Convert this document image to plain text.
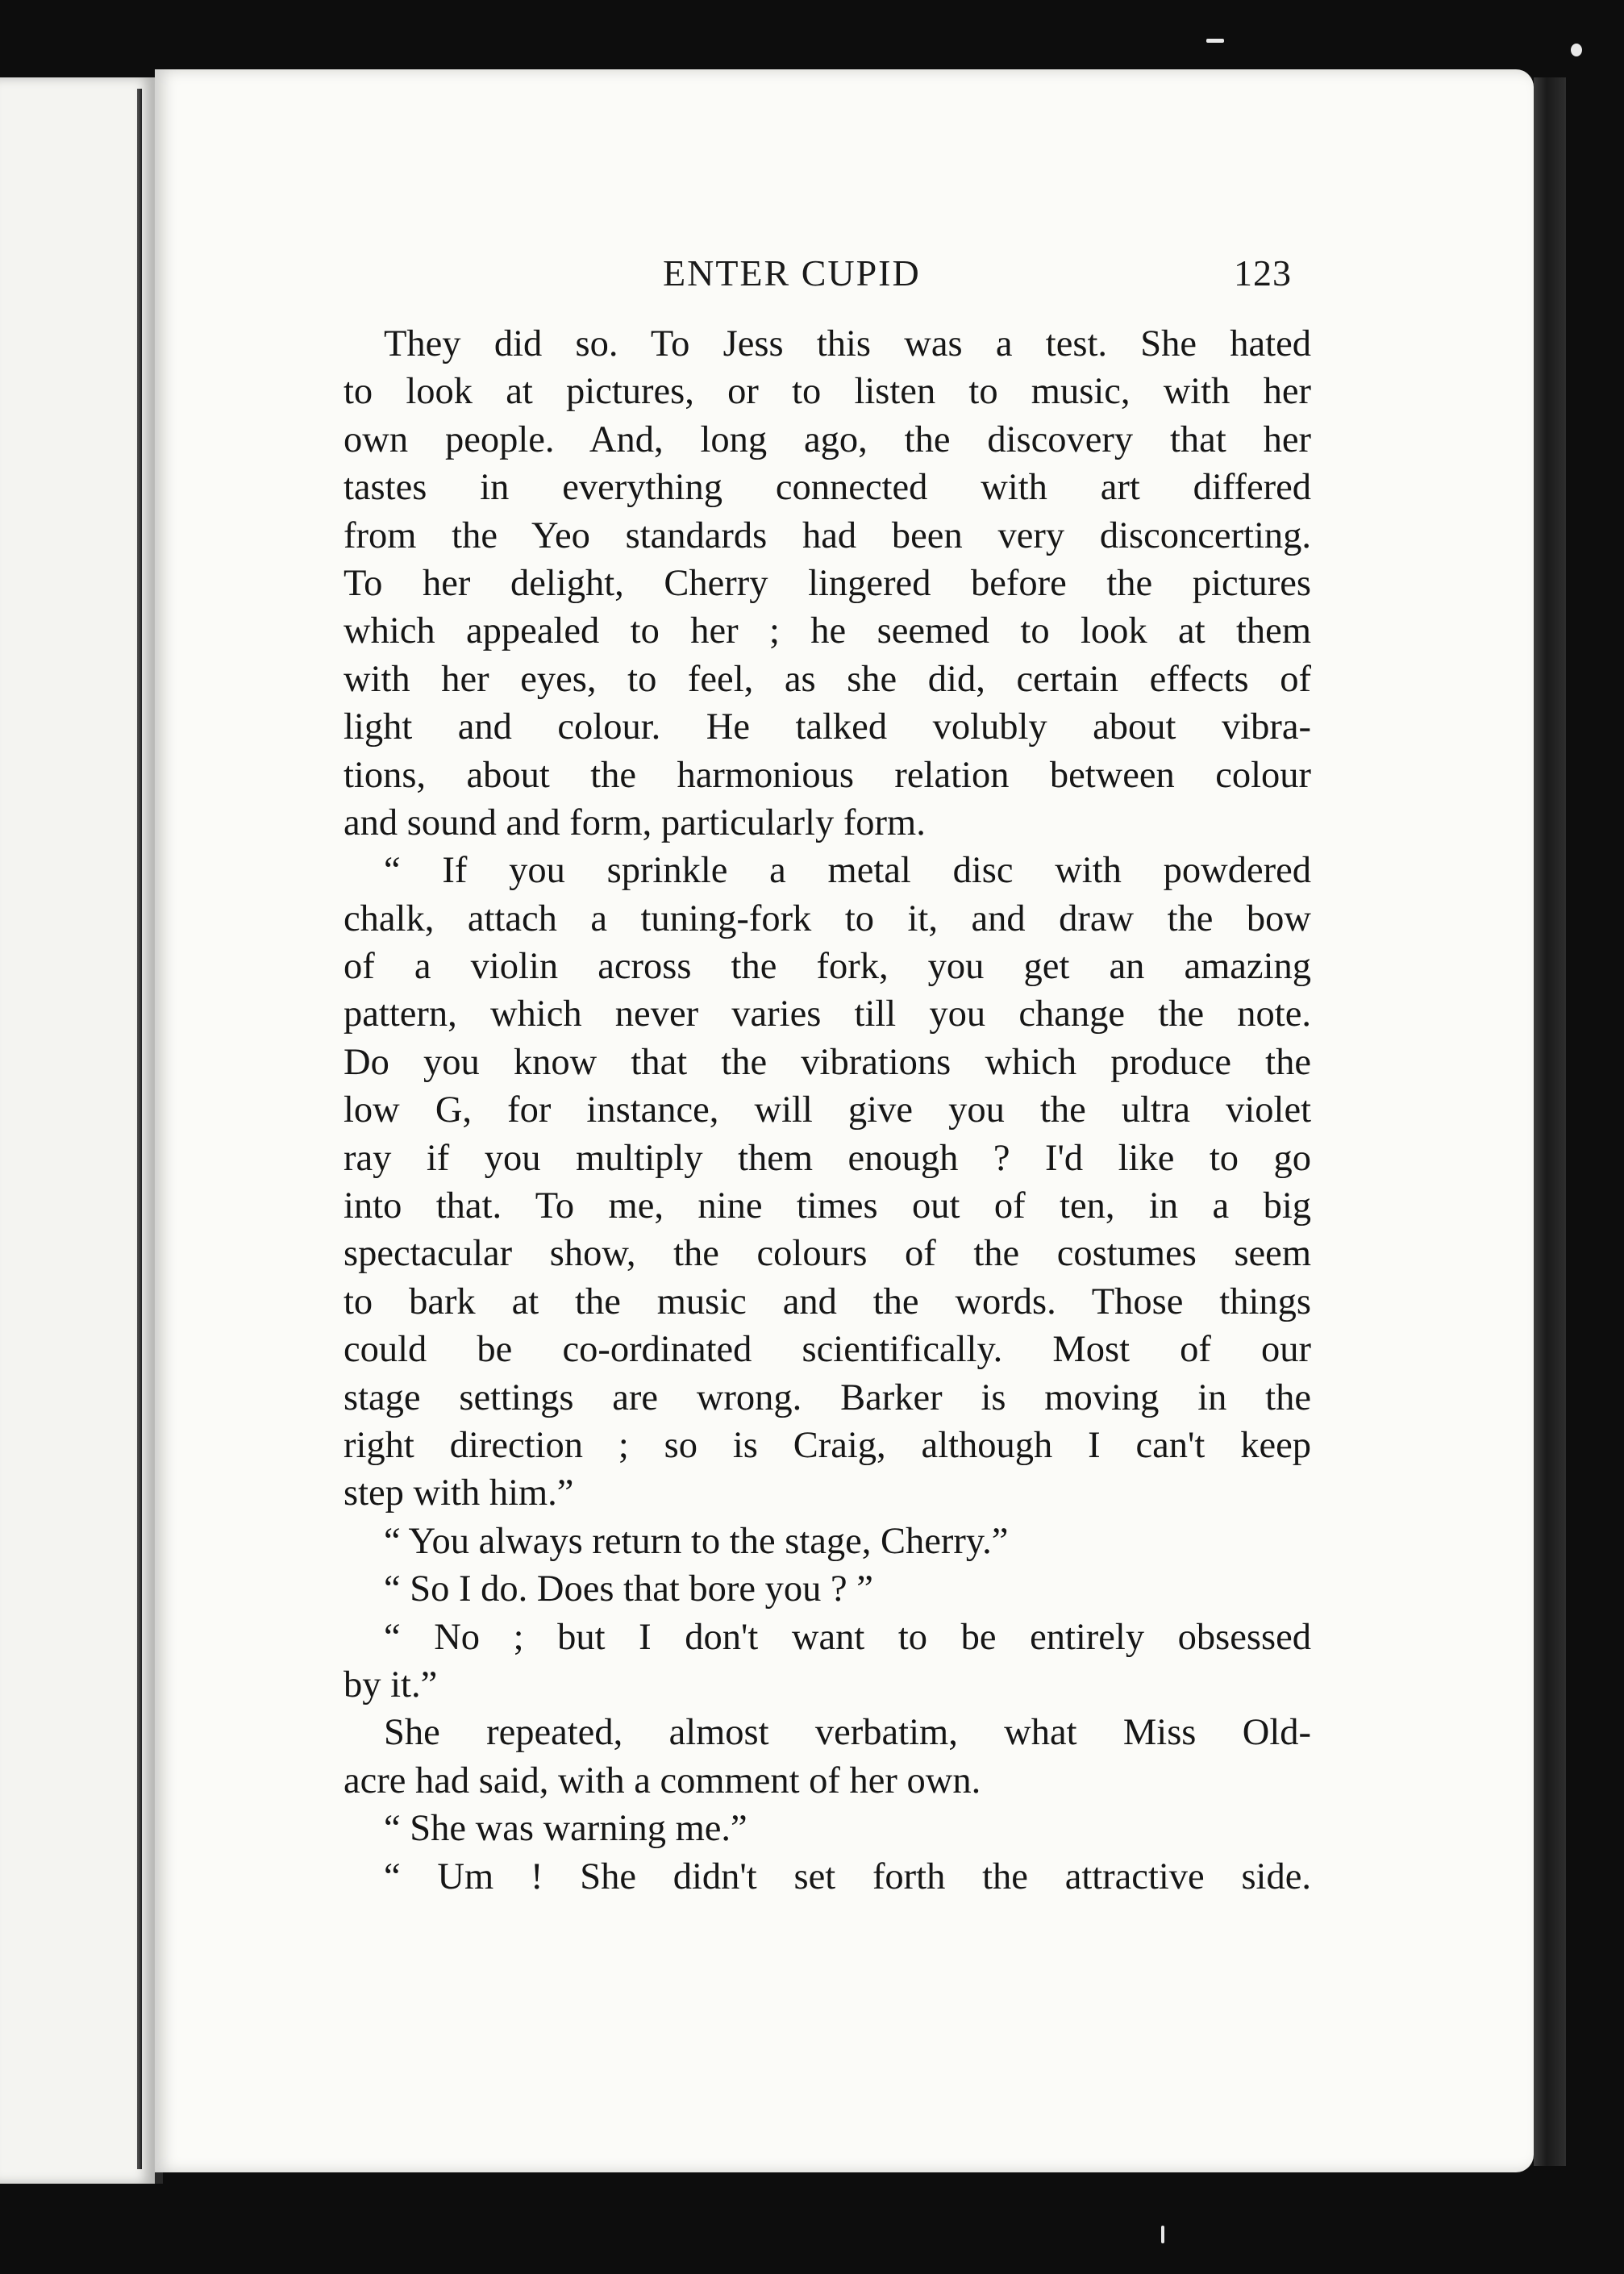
ENTER CUPID	123
They did so. To Jess this was a test. She hated
to look at pictures, or to listen to music, with her
own people. And, long ago, the discovery that her
tastes in everything connected with art differed
from the Yeo standards had been very disconcerting.
To her delight, Cherry lingered before the pictures
which appealed to her ; he seemed to look at them
with her eyes, to feel, as she did, certain effects of
light and colour. He talked volubly about vibra-
tions, about the harmonious relation between colour
and sound and form, particularly form.
“ If you sprinkle a metal disc with powdered
chalk, attach a tuning-fork to it, and draw the bow
of a violin across the fork, you get an amazing
pattern, which never varies till you change the note.
Do you know that the vibrations which produce the
low G, for instance, will give you the ultra violet
ray if you multiply them enough ? I'd like to go
into that. To me, nine times out of ten, in a big
spectacular show, the colours of the costumes seem
to bark at the music and the words. Those things
could be co-ordinated scientifically. Most of our
stage settings are wrong. Barker is moving in the
right direction ; so is Craig, although I can't keep
step with him.”
“ You always return to the stage, Cherry.”
“ So I do. Does that bore you ? ”
“ No ; but I don't want to be entirely obsessed
by it.”
She repeated, almost verbatim, what Miss Old-
acre had said, with a comment of her own.
“ She was warning me.”
“ Um ! She didn't set forth the attractive side.
